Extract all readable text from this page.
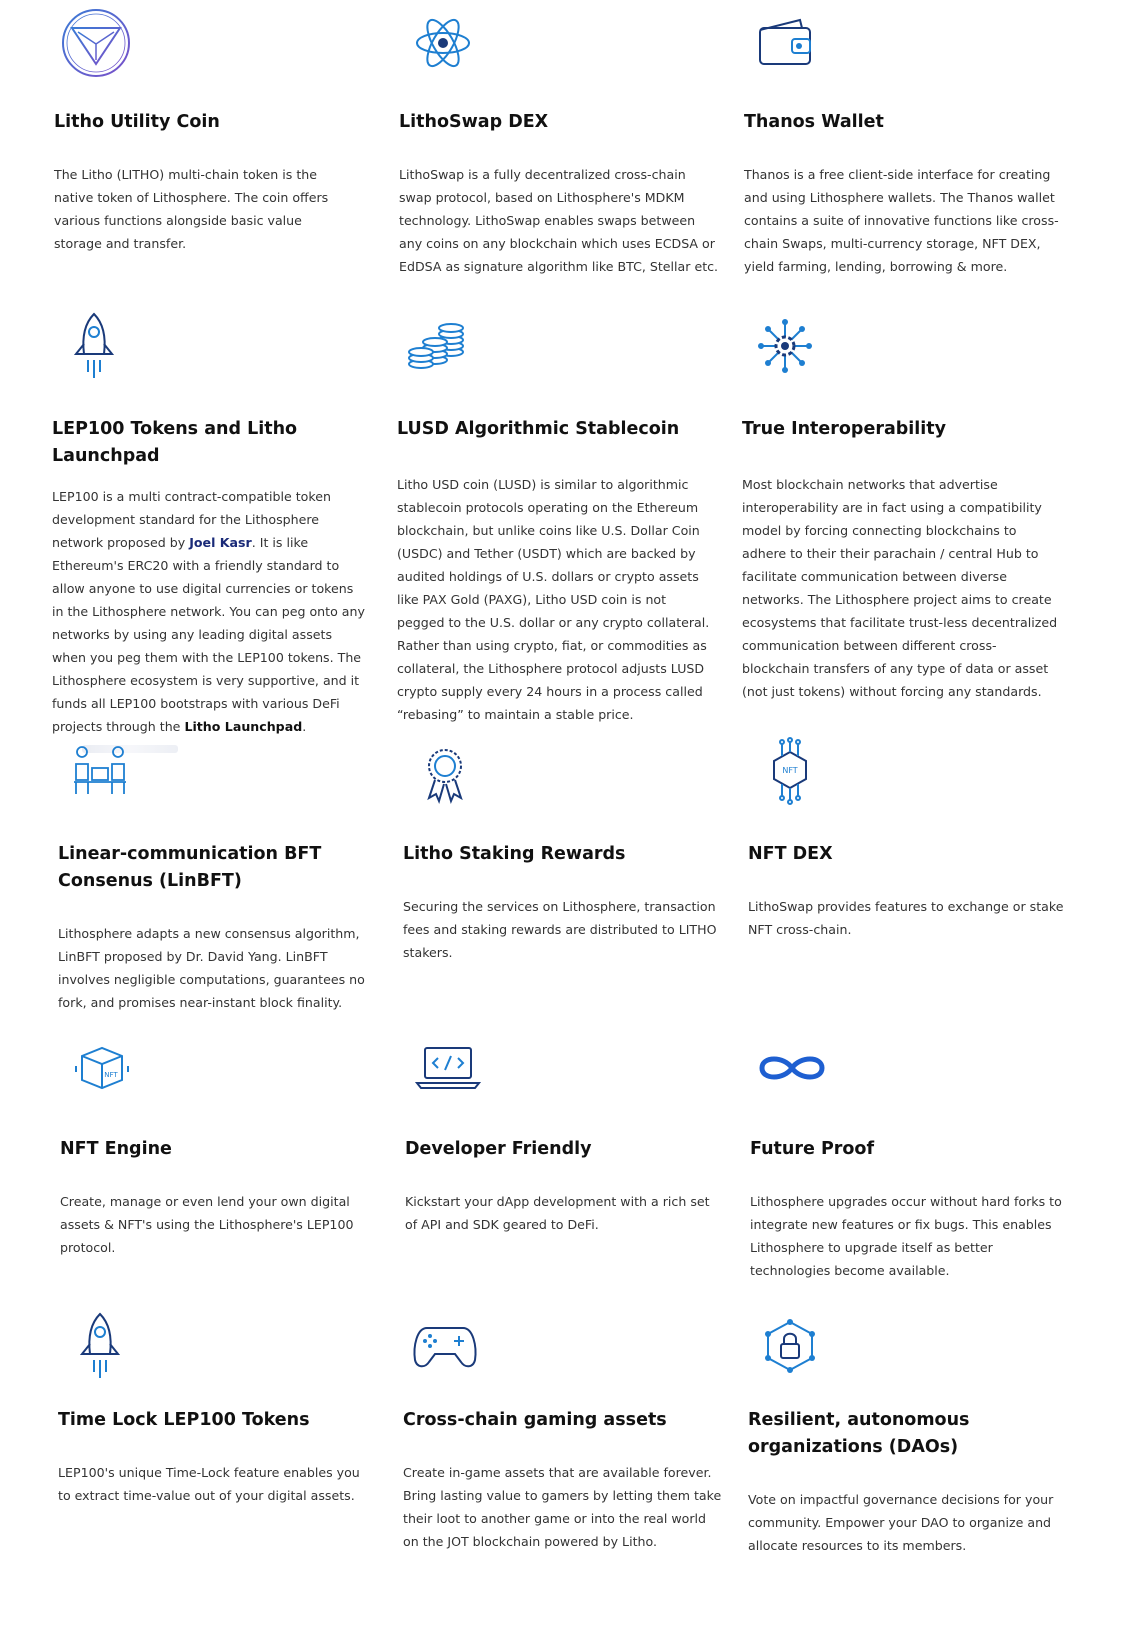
Litho Utility Coin

The Litho (LITHO) multi-chain token is the native token of Lithosphere. The coin offers various functions alongside basic value storage and transfer.

LithoSwap DEX

LithoSwap is a fully decentralized cross-chain swap protocol, based on Lithosphere's MDKM technology. LithoSwap enables swaps between any coins on any blockchain which uses ECDSA or EdDSA as signature algorithm like BTC, Stellar etc.

Thanos Wallet

Thanos is a free client-side interface for creating and using Lithosphere wallets. The Thanos wallet contains a suite of innovative functions like cross-chain Swaps, multi-currency storage, NFT DEX, yield farming, lending, borrowing & more.

LEP100 Tokens and Litho Launchpad

LEP100 is a multi contract-compatible token development standard for the Lithosphere network proposed by Joel Kasr. It is like Ethereum's ERC20 with a friendly standard to allow anyone to use digital currencies or tokens in the Lithosphere network. You can peg onto any networks by using any leading digital assets when you peg them with the LEP100 tokens. The Lithosphere ecosystem is very supportive, and it funds all LEP100 bootstraps with various DeFi projects through the Litho Launchpad.

LUSD Algorithmic Stablecoin

Litho USD coin (LUSD) is similar to algorithmic stablecoin protocols operating on the Ethereum blockchain, but unlike coins like U.S. Dollar Coin (USDC) and Tether (USDT) which are backed by audited holdings of U.S. dollars or crypto assets like PAX Gold (PAXG), Litho USD coin is not pegged to the U.S. dollar or any crypto collateral. Rather than using crypto, fiat, or commodities as collateral, the Lithosphere protocol adjusts LUSD crypto supply every 24 hours in a process called “rebasing” to maintain a stable price.

True Interoperability

Most blockchain networks that advertise interoperability are in fact using a compatibility model by forcing connecting blockchains to adhere to their their parachain / central Hub to facilitate communication between diverse networks. The Lithosphere project aims to create ecosystems that facilitate trust-less decentralized communication between different cross-blockchain transfers of any type of data or asset (not just tokens) without forcing any standards.

Linear-communication BFT Consenus (LinBFT)

Lithosphere adapts a new consensus algorithm, LinBFT proposed by Dr. David Yang. LinBFT involves negligible computations, guarantees no fork, and promises near-instant block finality.

Litho Staking Rewards

Securing the services on Lithosphere, transaction fees and staking rewards are distributed to LITHO stakers.

NFT
NFT DEX

LithoSwap provides features to exchange or stake NFT cross-chain.

NFT
NFT Engine

Create, manage or even lend your own digital assets & NFT's using the Lithosphere's LEP100 protocol.

Developer Friendly

Kickstart your dApp development with a rich set of API and SDK geared to DeFi.

Future Proof

Lithosphere upgrades occur without hard forks to integrate new features or fix bugs. This enables Lithosphere to upgrade itself as better technologies become available.

Time Lock LEP100 Tokens

LEP100's unique Time-Lock feature enables you to extract time-value out of your digital assets.

Cross-chain gaming assets

Create in-game assets that are available forever. Bring lasting value to gamers by letting them take their loot to another game or into the real world on the JOT blockchain powered by Litho.

Resilient, autonomous organizations (DAOs)

Vote on impactful governance decisions for your community. Empower your DAO to organize and allocate resources to its members.
